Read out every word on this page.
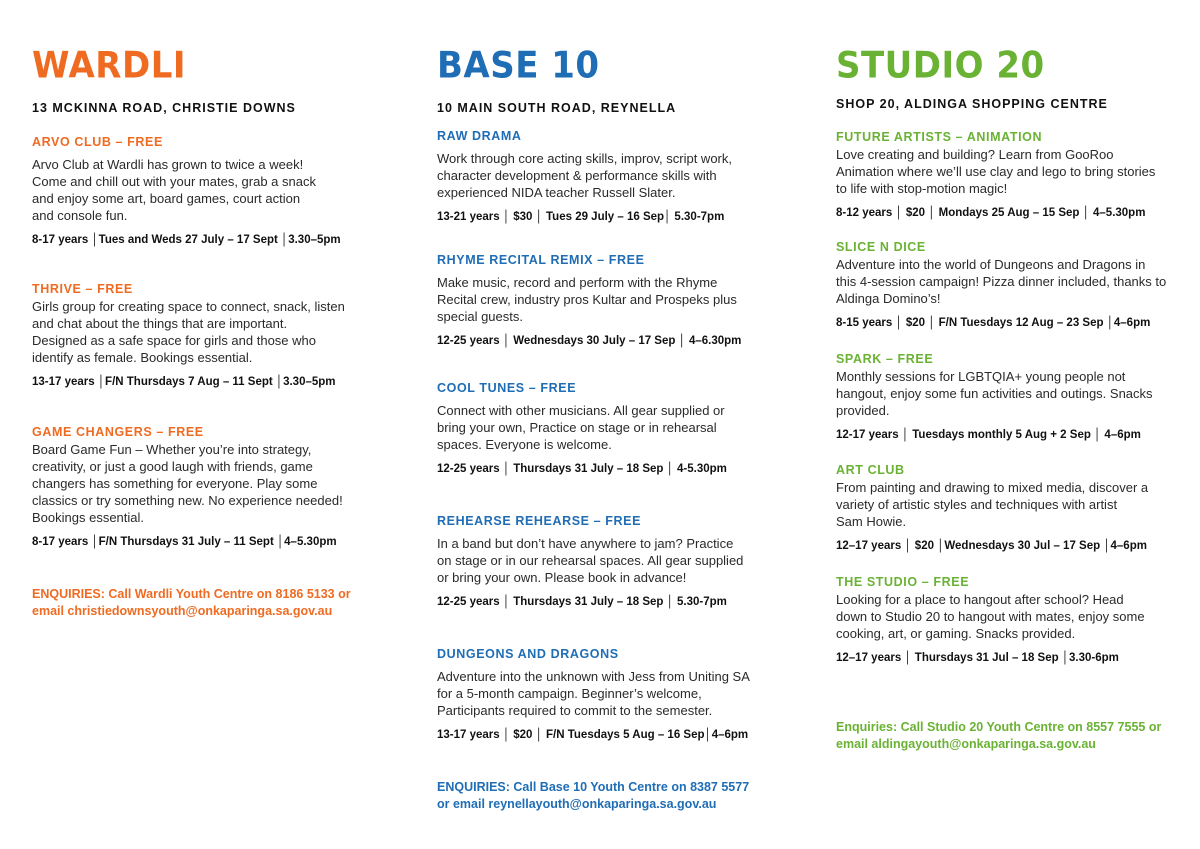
WARDLI

13 MCKINNA ROAD, CHRISTIE DOWNS

ARVO CLUB – FREE

Arvo Club at Wardli has grown to twice a week!
Come and chill out with your mates, grab a snack
and enjoy some art, board games, court action
and console fun.

8-17 years │Tues and Weds 27 July – 17 Sept │3.30–5pm

THRIVE – FREE

Girls group for creating space to connect, snack, listen
and chat about the things that are important.
Designed as a safe space for girls and those who
identify as female. Bookings essential.

13-17 years │F/N Thursdays 7 Aug – 11 Sept │3.30–5pm

GAME CHANGERS – FREE

Board Game Fun – Whether you’re into strategy,
creativity, or just a good laugh with friends, game
changers has something for everyone. Play some
classics or try something new. No experience needed!
Bookings essential.

8-17 years │F/N Thursdays 31 July – 11 Sept │4–5.30pm

ENQUIRIES: Call Wardli Youth Centre on 8186 5133 or
email christiedownsyouth@onkaparinga.sa.gov.au

BASE 10

10 MAIN SOUTH ROAD, REYNELLA

RAW DRAMA

Work through core acting skills, improv, script work,
character development & performance skills with
experienced NIDA teacher Russell Slater.

13-21 years │ $30 │ Tues 29 July – 16 Sep│ 5.30-7pm

RHYME RECITAL REMIX – FREE

Make music, record and perform with the Rhyme
Recital crew, industry pros Kultar and Prospeks plus
special guests.

12-25 years │ Wednesdays 30 July – 17 Sep │ 4–6.30pm

COOL TUNES – FREE

Connect with other musicians. All gear supplied or
bring your own, Practice on stage or in rehearsal
spaces. Everyone is welcome.

12-25 years │ Thursdays 31 July – 18 Sep │ 4-5.30pm

REHEARSE REHEARSE – FREE

In a band but don’t have anywhere to jam? Practice
on stage or in our rehearsal spaces. All gear supplied
or bring your own. Please book in advance!

12-25 years │ Thursdays 31 July – 18 Sep │ 5.30-7pm

DUNGEONS AND DRAGONS

Adventure into the unknown with Jess from Uniting SA
for a 5-month campaign. Beginner’s welcome,
Participants required to commit to the semester.

13-17 years │ $20 │ F/N Tuesdays 5 Aug – 16 Sep│4–6pm

ENQUIRIES: Call Base 10 Youth Centre on 8387 5577
or email reynellayouth@onkaparinga.sa.gov.au

STUDIO 20

SHOP 20, ALDINGA SHOPPING CENTRE

FUTURE ARTISTS – ANIMATION

Love creating and building? Learn from GooRoo
Animation where we’ll use clay and lego to bring stories
to life with stop-motion magic!

8-12 years │ $20 │ Mondays 25 Aug – 15 Sep │ 4–5.30pm

SLICE N DICE

Adventure into the world of Dungeons and Dragons in
this 4-session campaign! Pizza dinner included, thanks to
Aldinga Domino’s!

8-15 years │ $20 │ F/N Tuesdays 12 Aug – 23 Sep │4–6pm

SPARK – FREE

Monthly sessions for LGBTQIA+ young people not
hangout, enjoy some fun activities and outings. Snacks
provided.

12-17 years │ Tuesdays monthly 5 Aug + 2 Sep │ 4–6pm

ART CLUB

From painting and drawing to mixed media, discover a
variety of artistic styles and techniques with artist
Sam Howie.

12–17 years │ $20 │Wednesdays 30 Jul – 17 Sep │4–6pm

THE STUDIO – FREE

Looking for a place to hangout after school? Head
down to Studio 20 to hangout with mates, enjoy some
cooking, art, or gaming. Snacks provided.

12–17 years │ Thursdays 31 Jul – 18 Sep │3.30-6pm

Enquiries: Call Studio 20 Youth Centre on 8557 7555 or
email aldingayouth@onkaparinga.sa.gov.au
